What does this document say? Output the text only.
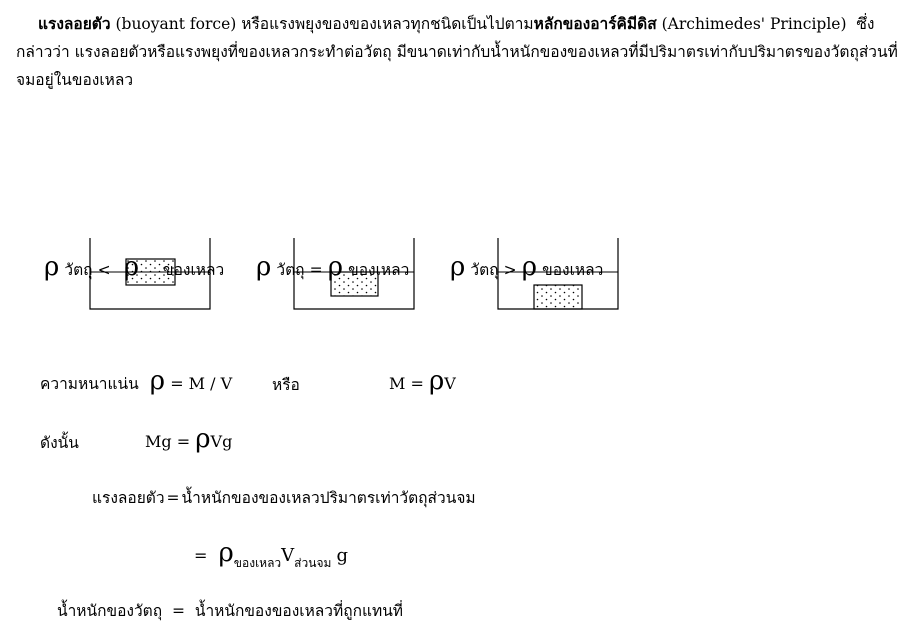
แรงลอยตัว (buoyant force) หรือแรงพยุงของของเหลวทุกชนิดเป็นไปตามหลักของอาร์คิมีดิส (Archimedes' Principle) ซึ่งกล่าวว่า แรงลอยตัวหรือแรงพยุงที่ของเหลวกระทำต่อวัตถุ มีขนาดเท่ากับน้ำหนักของของเหลวที่มีปริมาตรเท่ากับปริมาตรของวัตถุส่วนที่จมอยู่ในของเหลว

ρ วัตถุ < ρ ของเหลว ρ วัตถุ = ρ ของเหลว ρ วัตถุ > ρ ของเหลว
ความหนาแน่น ρ = M / V	หรือ	M = ρV
ดังนั้น	Mg = ρVg
แรงลอยตัว = น้ำหนักของของเหลวปริมาตรเท่าวัตถุส่วนจม
= $\rho_{ของเหลว}V_{ส่วนจม}$ g
น้ำหนักของวัตถุ = น้ำหนักของของเหลวที่ถูกแทนที่
